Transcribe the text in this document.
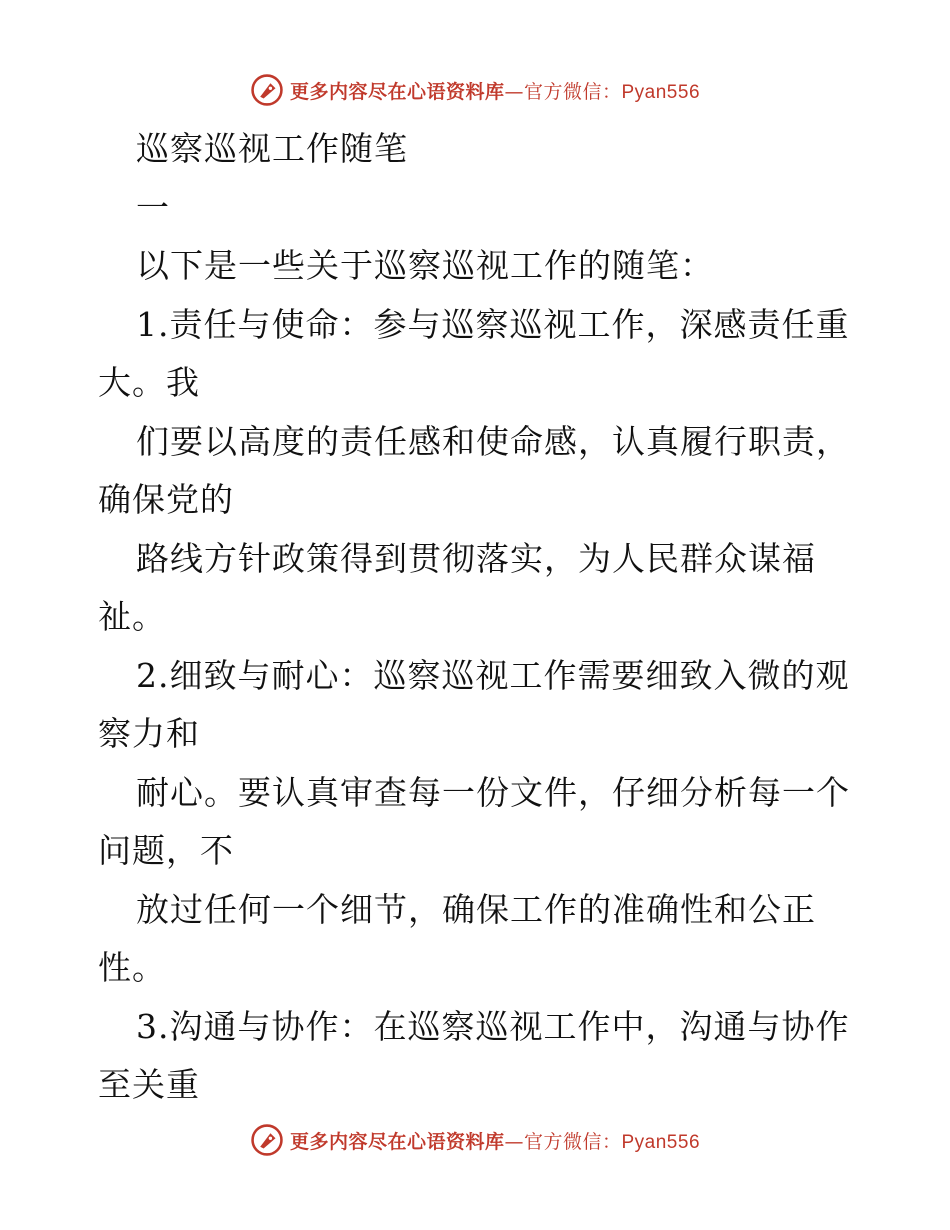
更多内容尽在心语资料库—官方微信：Pyan556
巡察巡视工作随笔
一
以下是一些关于巡察巡视工作的随笔：
1.责任与使命：参与巡察巡视工作，深感责任重
大。我
们要以高度的责任感和使命感，认真履行职责，
确保党的
路线方针政策得到贯彻落实，为人民群众谋福
祉。
2.细致与耐心：巡察巡视工作需要细致入微的观
察力和
耐心。要认真审查每一份文件，仔细分析每一个
问题，不
放过任何一个细节，确保工作的准确性和公正
性。
3.沟通与协作：在巡察巡视工作中，沟通与协作
至关重
更多内容尽在心语资料库—官方微信：Pyan556
